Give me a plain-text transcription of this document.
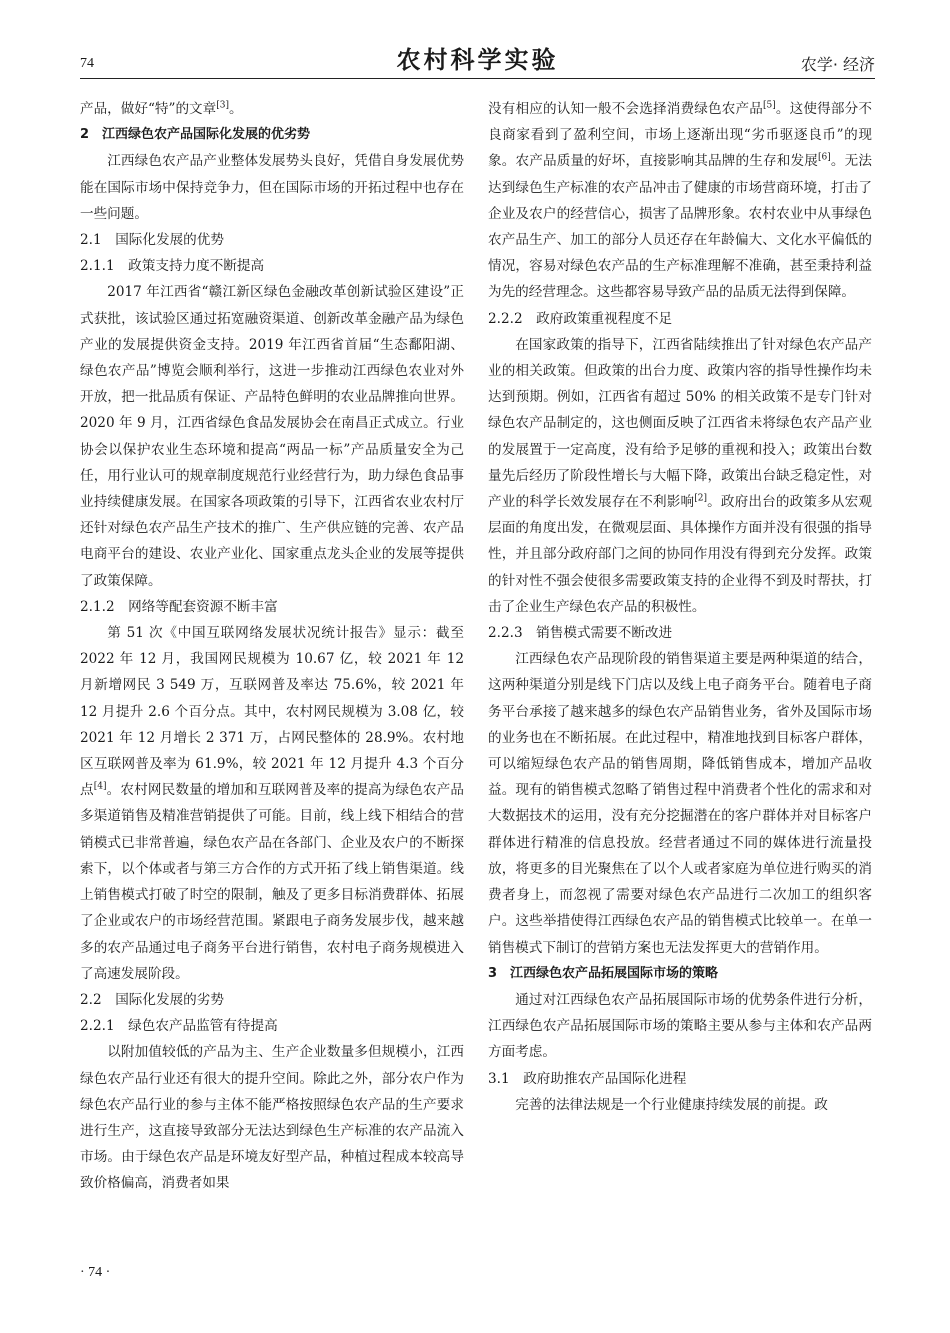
74	农村科学实验	农学· 经济

产品，做好“特”的文章[3]。

2　江西绿色农产品国际化发展的优劣势

江西绿色农产品产业整体发展势头良好，凭借自身发展优势能在国际市场中保持竞争力，但在国际市场的开拓过程中也存在一些问题。

2.1　国际化发展的优势
2.1.1　政策支持力度不断提高

2017 年江西省“赣江新区绿色金融改革创新试验区建设”正式获批，该试验区通过拓宽融资渠道、创新改革金融产品为绿色产业的发展提供资金支持。2019 年江西省首届“生态鄱阳湖、绿色农产品”博览会顺利举行，这进一步推动江西绿色农业对外开放，把一批品质有保证、产品特色鲜明的农业品牌推向世界。2020 年 9 月，江西省绿色食品发展协会在南昌正式成立。行业协会以保护农业生态环境和提高“两品一标”产品质量安全为己任，用行业认可的规章制度规范行业经营行为，助力绿色食品事业持续健康发展。在国家各项政策的引导下，江西省农业农村厅还针对绿色农产品生产技术的推广、生产供应链的完善、农产品电商平台的建设、农业产业化、国家重点龙头企业的发展等提供了政策保障。

2.1.2　网络等配套资源不断丰富

第 51 次《中国互联网络发展状况统计报告》显示：截至 2022 年 12 月，我国网民规模为 10.67 亿，较 2021 年 12 月新增网民 3 549 万，互联网普及率达 75.6%，较 2021 年 12 月提升 2.6 个百分点。其中，农村网民规模为 3.08 亿，较 2021 年 12 月增长 2 371 万，占网民整体的 28.9%。农村地区互联网普及率为 61.9%，较 2021 年 12 月提升 4.3 个百分点[4]。农村网民数量的增加和互联网普及率的提高为绿色农产品多渠道销售及精准营销提供了可能。目前，线上线下相结合的营销模式已非常普遍，绿色农产品在各部门、企业及农户的不断探索下，以个体或者与第三方合作的方式开拓了线上销售渠道。线上销售模式打破了时空的限制，触及了更多目标消费群体、拓展了企业或农户的市场经营范围。紧跟电子商务发展步伐，越来越多的农产品通过电子商务平台进行销售，农村电子商务规模进入了高速发展阶段。

2.2　国际化发展的劣势
2.2.1　绿色农产品监管有待提高

以附加值较低的产品为主、生产企业数量多但规模小，江西绿色农产品行业还有很大的提升空间。除此之外，部分农户作为绿色农产品行业的参与主体不能严格按照绿色农产品的生产要求进行生产，这直接导致部分无法达到绿色生产标准的农产品流入市场。由于绿色农产品是环境友好型产品，种植过程成本较高导致价格偏高，消费者如果

没有相应的认知一般不会选择消费绿色农产品[5]。这使得部分不良商家看到了盈利空间，市场上逐渐出现“劣币驱逐良币”的现象。农产品质量的好坏，直接影响其品牌的生存和发展[6]。无法达到绿色生产标准的农产品冲击了健康的市场营商环境，打击了企业及农户的经营信心，损害了品牌形象。农村农业中从事绿色农产品生产、加工的部分人员还存在年龄偏大、文化水平偏低的情况，容易对绿色农产品的生产标准理解不准确，甚至秉持利益为先的经营理念。这些都容易导致产品的品质无法得到保障。

2.2.2　政府政策重视程度不足

在国家政策的指导下，江西省陆续推出了针对绿色农产品产业的相关政策。但政策的出台力度、政策内容的指导性操作均未达到预期。例如，江西省有超过 50% 的相关政策不是专门针对绿色农产品制定的，这也侧面反映了江西省未将绿色农产品产业的发展置于一定高度，没有给予足够的重视和投入；政策出台数量先后经历了阶段性增长与大幅下降，政策出台缺乏稳定性，对产业的科学长效发展存在不利影响[2]。政府出台的政策多从宏观层面的角度出发，在微观层面、具体操作方面并没有很强的指导性，并且部分政府部门之间的协同作用没有得到充分发挥。政策的针对性不强会使很多需要政策支持的企业得不到及时帮扶，打击了企业生产绿色农产品的积极性。

2.2.3　销售模式需要不断改进

江西绿色农产品现阶段的销售渠道主要是两种渠道的结合，这两种渠道分别是线下门店以及线上电子商务平台。随着电子商务平台承接了越来越多的绿色农产品销售业务，省外及国际市场的业务也在不断拓展。在此过程中，精准地找到目标客户群体，可以缩短绿色农产品的销售周期，降低销售成本，增加产品收益。现有的销售模式忽略了销售过程中消费者个性化的需求和对大数据技术的运用，没有充分挖掘潜在的客户群体并对目标客户群体进行精准的信息投放。经营者通过不同的媒体进行流量投放，将更多的目光聚焦在了以个人或者家庭为单位进行购买的消费者身上，而忽视了需要对绿色农产品进行二次加工的组织客户。这些举措使得江西绿色农产品的销售模式比较单一。在单一销售模式下制订的营销方案也无法发挥更大的营销作用。

3　江西绿色农产品拓展国际市场的策略

通过对江西绿色农产品拓展国际市场的优势条件进行分析，江西绿色农产品拓展国际市场的策略主要从参与主体和农产品两方面考虑。

3.1　政府助推农产品国际化进程

完善的法律法规是一个行业健康持续发展的前提。政

· 74 ·
